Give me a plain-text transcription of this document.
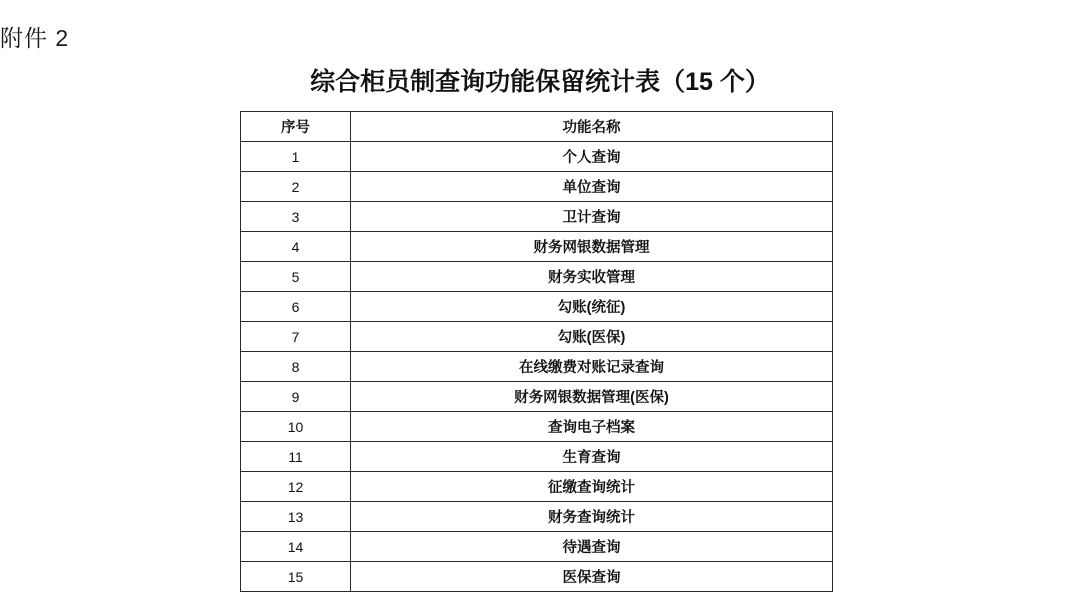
附件 2
综合柜员制查询功能保留统计表（15 个）
序号	功能名称
1	个人查询
2	单位查询
3	卫计查询
4	财务网银数据管理
5	财务实收管理
6	勾账(统征)
7	勾账(医保)
8	在线缴费对账记录查询
9	财务网银数据管理(医保)
10	查询电子档案
11	生育查询
12	征缴查询统计
13	财务查询统计
14	待遇查询
15	医保查询
